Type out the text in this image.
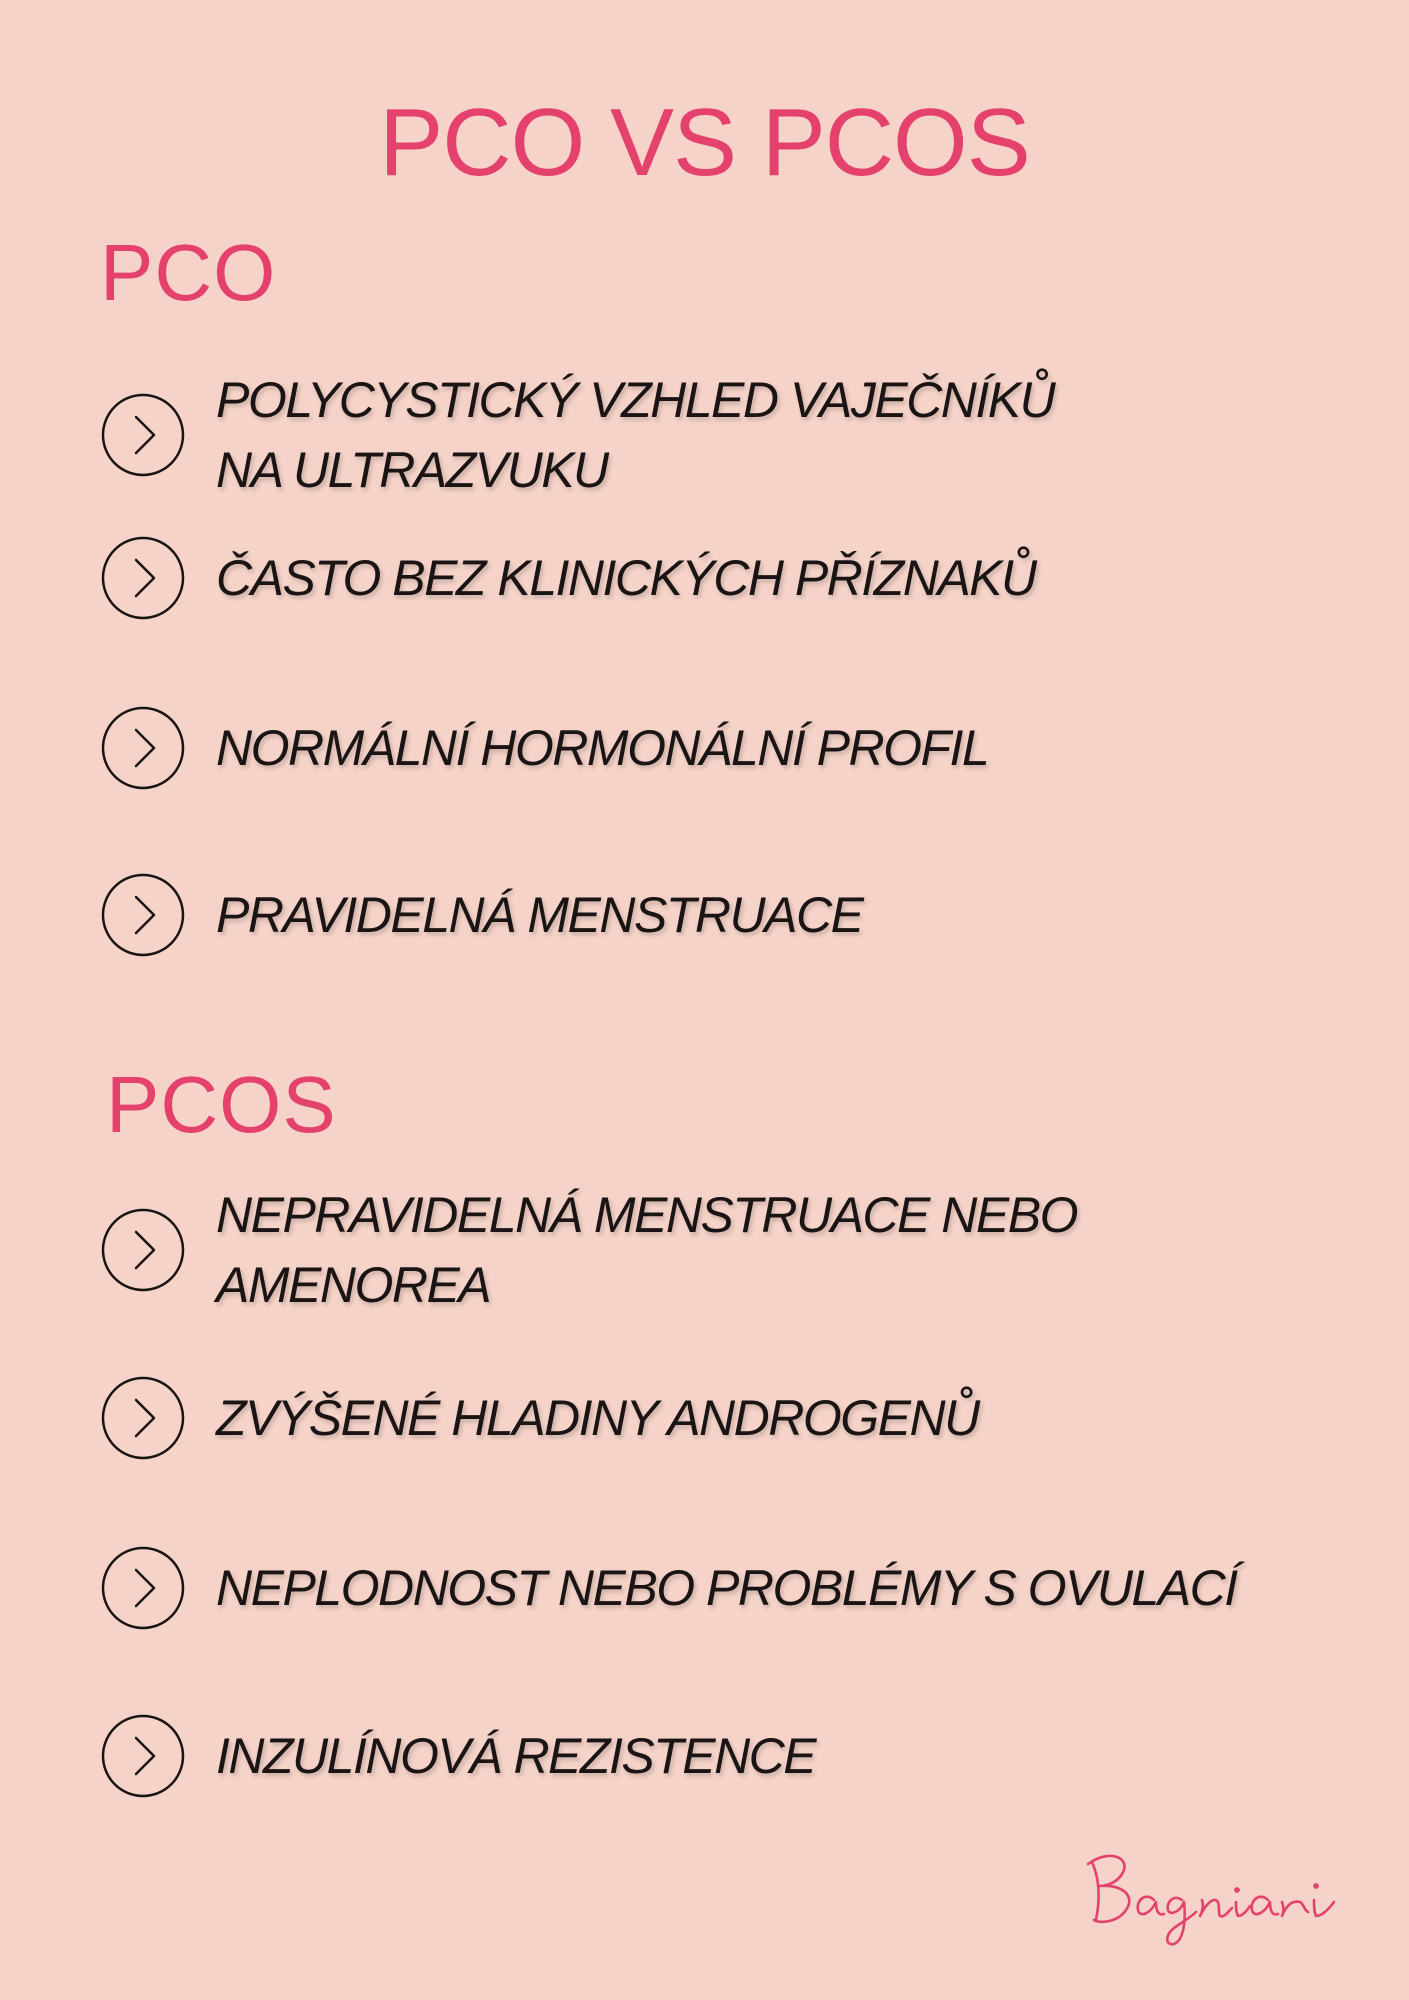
PCO VS PCOS
PCO
POLYCYSTICKÝ VZHLED VAJEČNÍKŮ
NA ULTRAZVUKU
ČASTO BEZ KLINICKÝCH PŘÍZNAKŮ
NORMÁLNÍ HORMONÁLNÍ PROFIL
PRAVIDELNÁ MENSTRUACE
PCOS
NEPRAVIDELNÁ MENSTRUACE NEBO
AMENOREA
ZVÝŠENÉ HLADINY ANDROGENŮ
NEPLODNOST NEBO PROBLÉMY S OVULACÍ
INZULÍNOVÁ REZISTENCE
